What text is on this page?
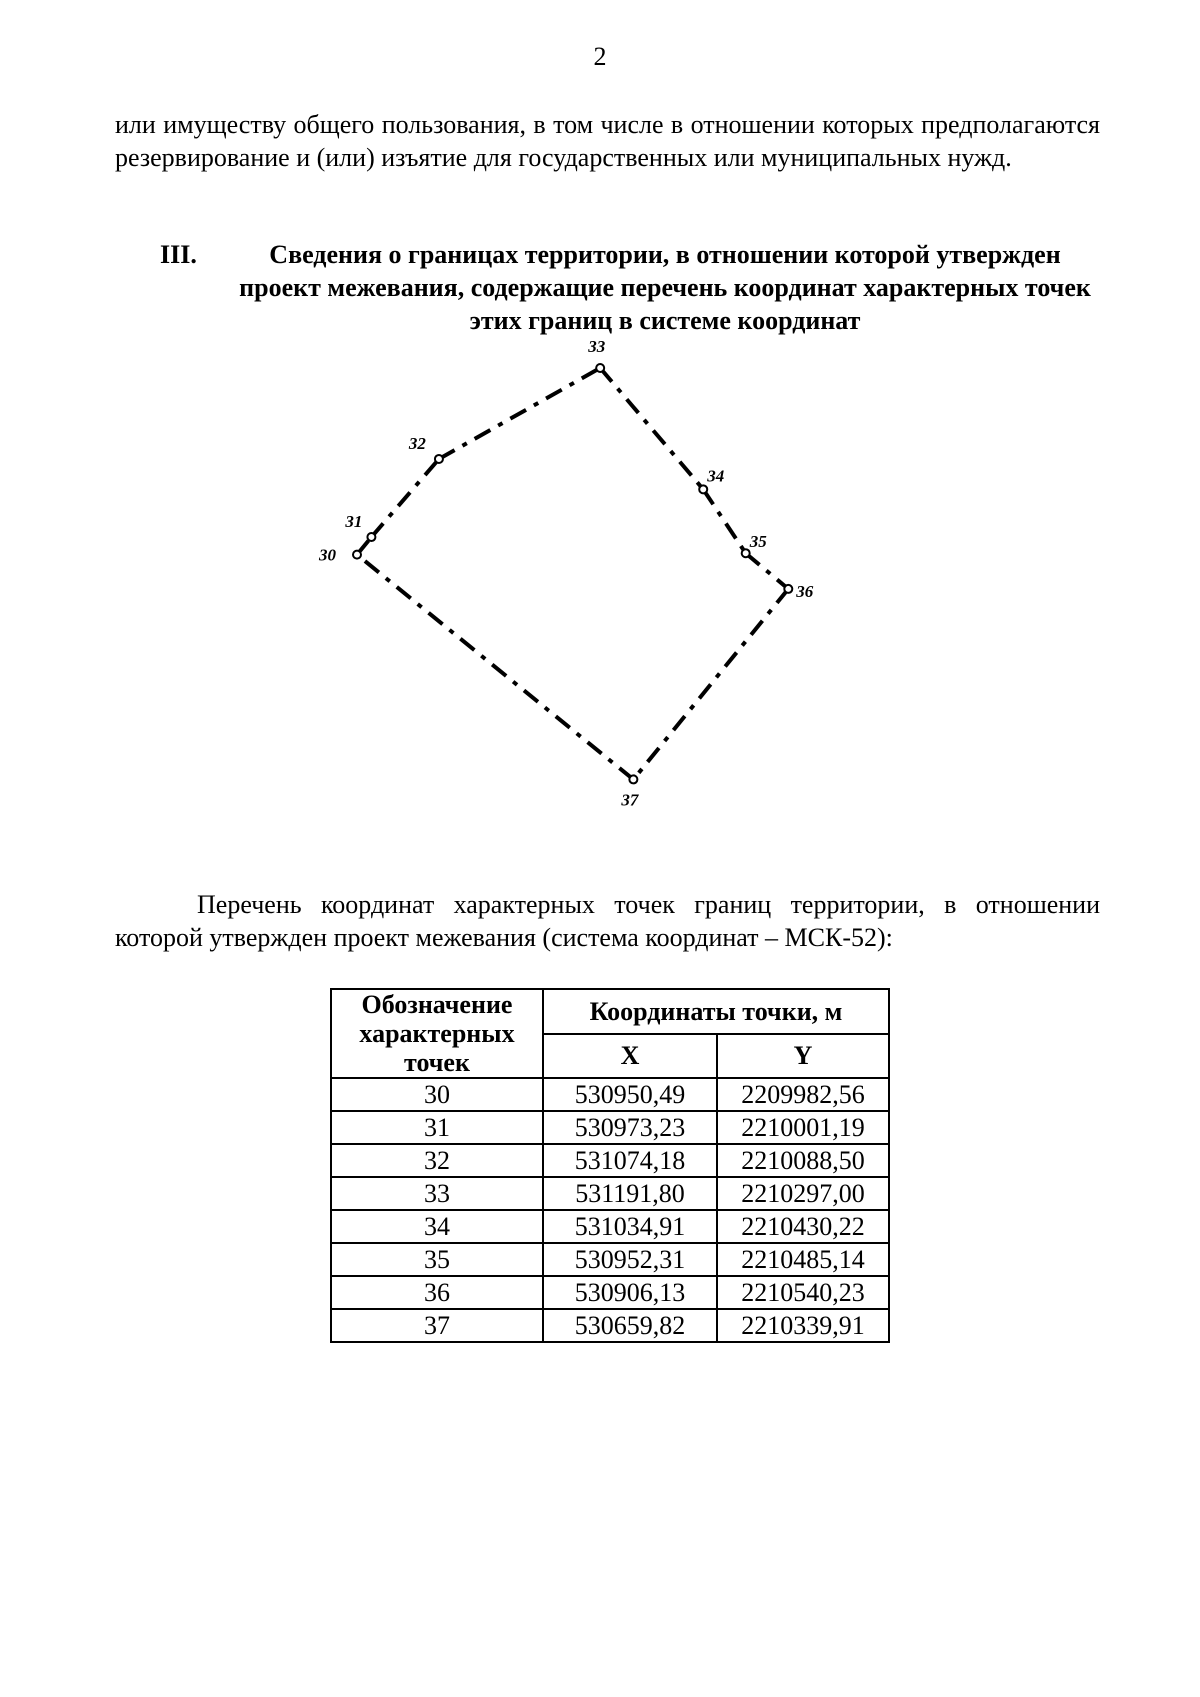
2

или имуществу общего пользования, в том числе в отношении которых предполагаются резервирование и (или) изъятие для государственных или муниципальных нужд.

III.	Сведения о границах территории, в отношении которой утвержден проект межевания, содержащие перечень координат характерных точек этих границ в системе координат
30
31
32
33
34
35
36
37

Перечень координат характерных точек границ территории, в отношении которой утвержден проект межевания (система координат – МСК-52):

Обозначение характерных точек	Координаты точки, м	
	X	Y
30	530950,49	2209982,56
31	530973,23	2210001,19
32	531074,18	2210088,50
33	531191,80	2210297,00
34	531034,91	2210430,22
35	530952,31	2210485,14
36	530906,13	2210540,23
37	530659,82	2210339,91
